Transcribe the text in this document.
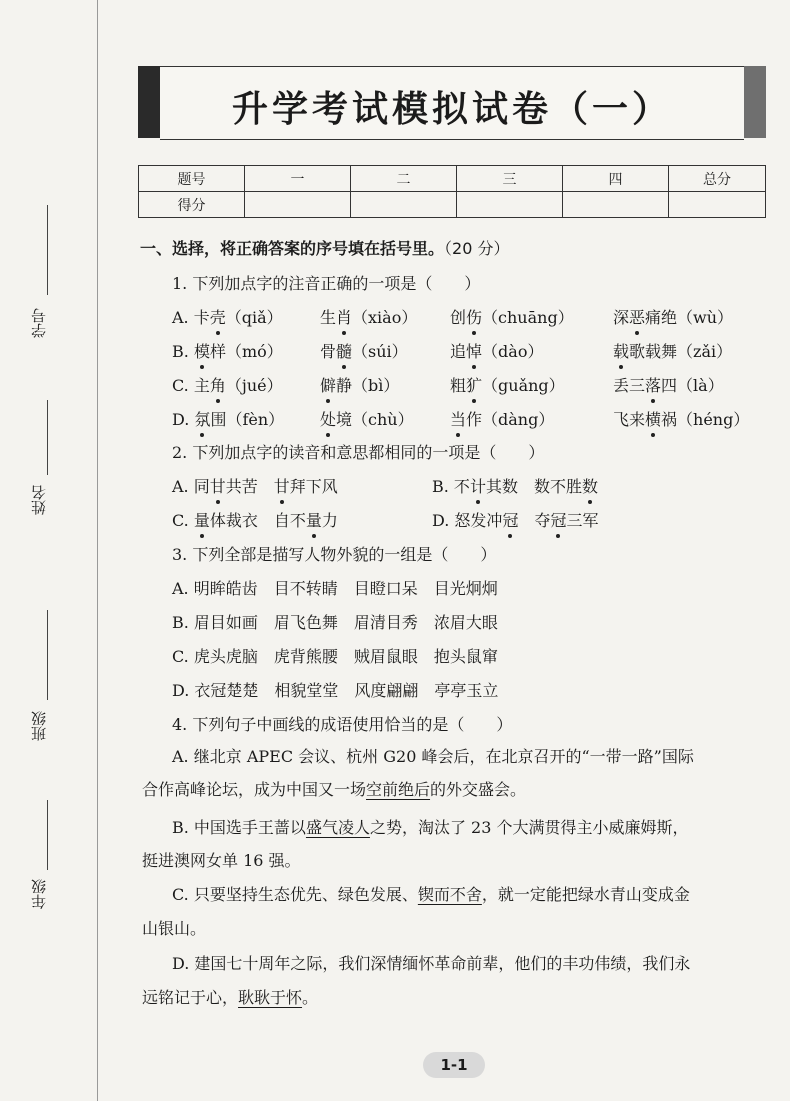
学号
姓名
班级
年级
升学考试模拟试卷（一）
题号	一	二	三	四	总分
得分					
一、选择，将正确答案的序号填在括号里。（20 分）
1. 下列加点字的注音正确的一项是（　　）
A. 卡壳（qiǎ） 生肖（xiào） 创伤（chuāng） 深恶痛绝（wù）
B. 模样（mó） 骨髓（súi）	追悼（dào）	载歌载舞（zǎi）
C. 主角（jué） 僻静（bì）	粗犷（guǎng）	丢三落四（là）
D. 氛围（fèn） 处境（chù） 当作（dàng）	飞来横祸（héng）
2. 下列加点字的读音和意思都相同的一项是（　　）
A. 同甘共苦　甘拜下风	B. 不计其数　数不胜数
C. 量体裁衣　自不量力	D. 怒发冲冠　 夺冠三军
3. 下列全部是描写人物外貌的一组是（　　）
A. 明眸皓齿　目不转睛　目瞪口呆　目光炯炯
B. 眉目如画　眉飞色舞　眉清目秀　浓眉大眼
C. 虎头虎脑　虎背熊腰　贼眉鼠眼　抱头鼠窜
D. 衣冠楚楚　相貌堂堂　风度翩翩　亭亭玉立
4. 下列句子中画线的成语使用恰当的是（　　）
A. 继北京 APEC 会议、杭州 G20 峰会后，在北京召开的“一带一路”国际
合作高峰论坛，成为中国又一场空前绝后的外交盛会。
B. 中国选手王蔷以盛气凌人之势，淘汰了 23 个大满贯得主小威廉姆斯，
挺进澳网女单 16 强。
C. 只要坚持生态优先、绿色发展、锲而不舍，就一定能把绿水青山变成金
山银山。
D. 建国七十周年之际，我们深情缅怀革命前辈，他们的丰功伟绩，我们永
远铭记于心，耿耿于怀。
1-1
